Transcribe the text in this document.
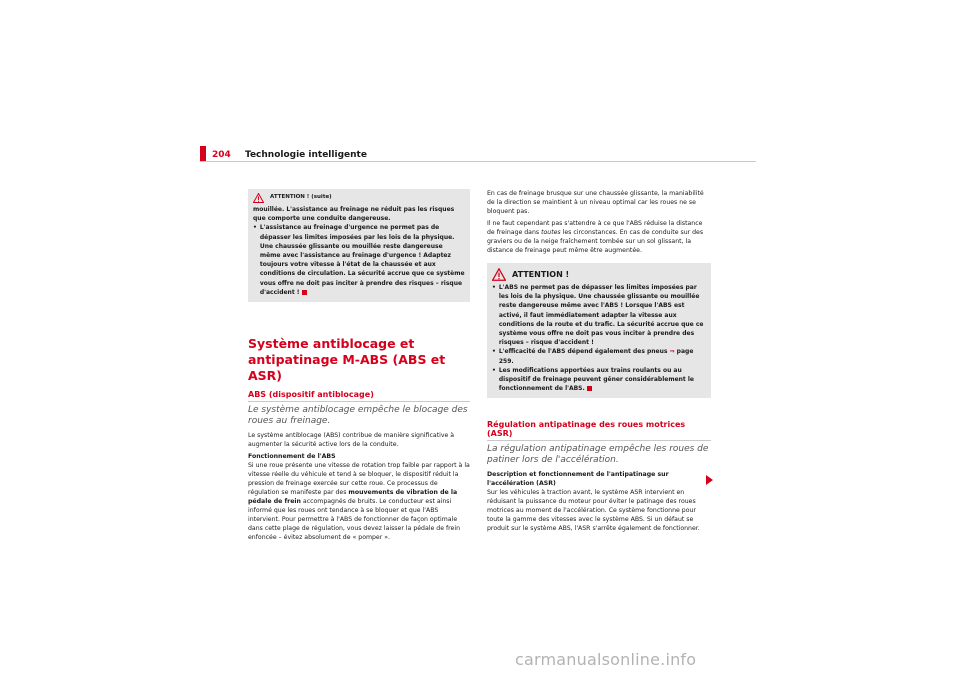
204 Technologie intelligente
ATTENTION ! (suite)

mouillée. L'assistance au freinage ne réduit pas les risques que comporte une conduite dangereuse.

• L'assistance au freinage d'urgence ne permet pas de dépasser les limites imposées par les lois de la physique. Une chaussée glissante ou mouillée reste dangereuse même avec l'assistance au freinage d'urgence ! Adaptez toujours votre vitesse à l'état de la chaussée et aux conditions de circulation. La sécurité accrue que ce système vous offre ne doit pas inciter à prendre des risques – risque d'accident !
Système antiblocage et antipatinage M-ABS (ABS et ASR)
ABS (dispositif antiblocage)

Le système antiblocage empêche le blocage des roues au freinage.

Le système antiblocage (ABS) contribue de manière significative à augmenter la sécurité active lors de la conduite.

Fonctionnement de l'ABS

Si une roue présente une vitesse de rotation trop faible par rapport à la vitesse réelle du véhicule et tend à se bloquer, le dispositif réduit la pression de freinage exercée sur cette roue. Ce processus de régulation se manifeste par des mouvements de vibration de la pédale de frein accompagnés de bruits. Le conducteur est ainsi informé que les roues ont tendance à se bloquer et que l'ABS intervient. Pour permettre à l'ABS de fonctionner de façon optimale dans cette plage de régulation, vous devez laisser la pédale de frein enfoncée – évitez absolument de « pomper ».

En cas de freinage brusque sur une chaussée glissante, la maniabilité de la direction se maintient à un niveau optimal car les roues ne se bloquent pas.

Il ne faut cependant pas s'attendre à ce que l'ABS réduise la distance de freinage dans toutes les circonstances. En cas de conduite sur des graviers ou de la neige fraîchement tombée sur un sol glissant, la distance de freinage peut même être augmentée.

ATTENTION !
• L'ABS ne permet pas de dépasser les limites imposées par les lois de la physique. Une chaussée glissante ou mouillée reste dangereuse même avec l'ABS ! Lorsque l'ABS est activé, il faut immédiatement adapter la vitesse aux conditions de la route et du trafic. La sécurité accrue que ce système vous offre ne doit pas vous inciter à prendre des risques – risque d'accident !
• L'efficacité de l'ABS dépend également des pneus ⇒ page 259.
• Les modifications apportées aux trains roulants ou au dispositif de freinage peuvent gêner considérablement le fonctionnement de l'ABS.
Régulation antipatinage des roues motrices (ASR)

La régulation antipatinage empêche les roues de patiner lors de l'accélération.

Description et fonctionnement de l'antipatinage sur l'accélération (ASR)

Sur les véhicules à traction avant, le système ASR intervient en réduisant la puissance du moteur pour éviter le patinage des roues motrices au moment de l'accélération. Ce système fonctionne pour toute la gamme des vitesses avec le système ABS. Si un défaut se produit sur le système ABS, l'ASR s'arrête également de fonctionner.

carmanualsonline.info
